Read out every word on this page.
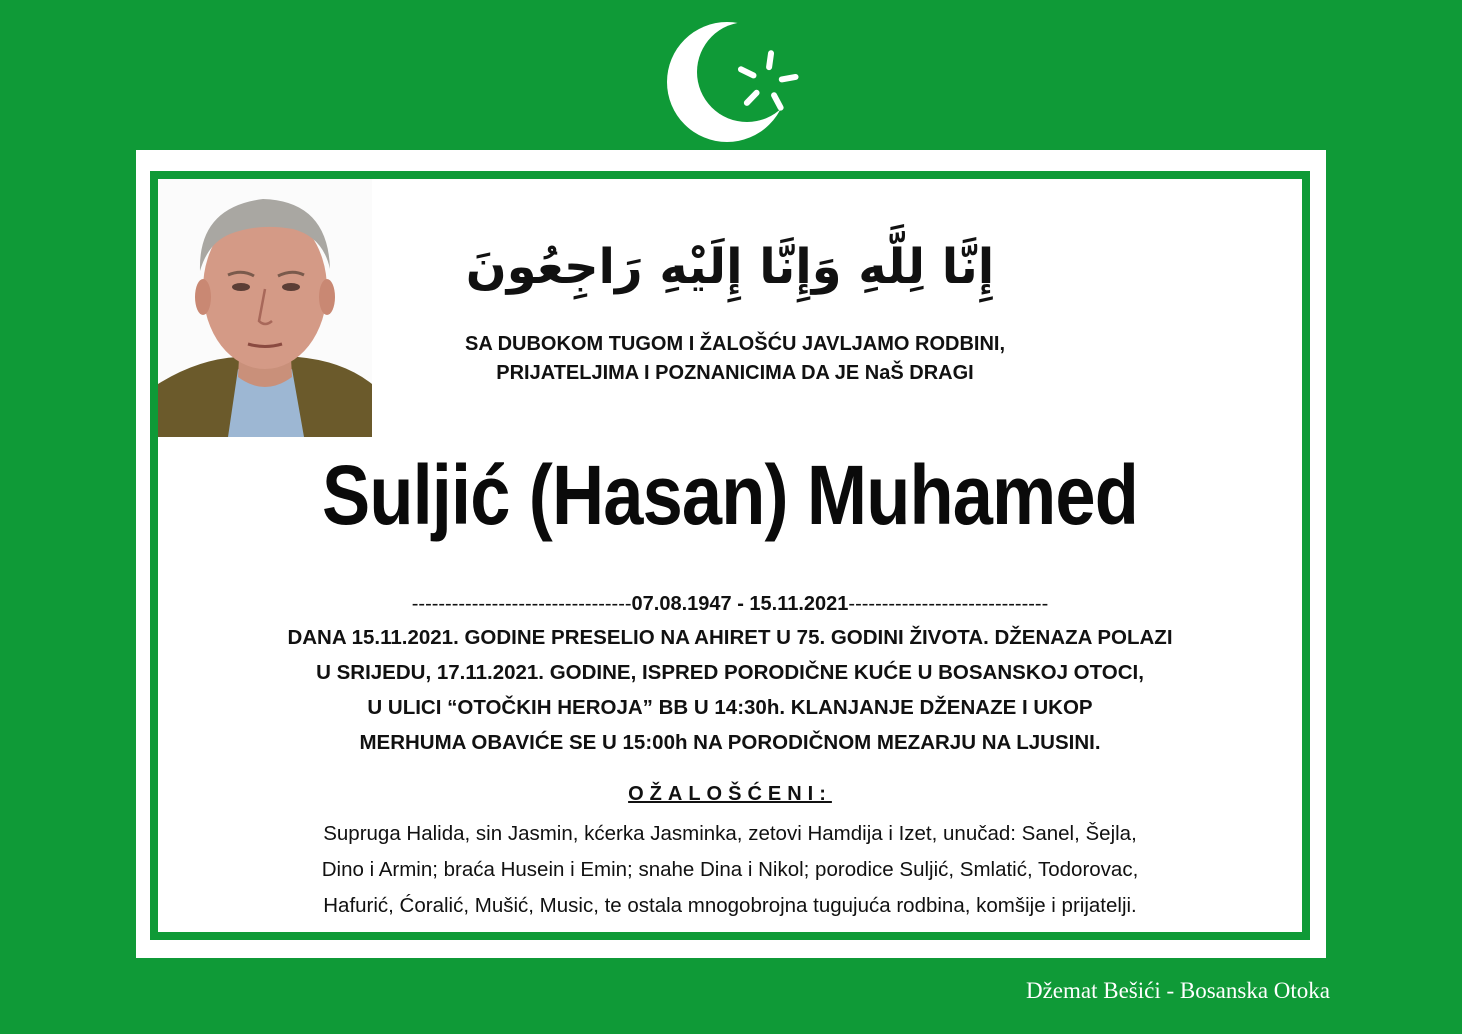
إِنَّا لِلَّهِ وَإِنَّا إِلَيْهِ رَاجِعُونَ
SA DUBOKOM TUGOM I ŽALOŠĆU JAVLJAMO RODBINI,
PRIJATELJIMA I POZNANICIMA DA JE NaŠ DRAGI
Suljić (Hasan) Muhamed
---------------------------------07.08.1947 - 15.11.2021------------------------------
DANA 15.11.2021. GODINE PRESELIO NA AHIRET U 75. GODINI ŽIVOTA. DŽENAZA POLAZI
U SRIJEDU, 17.11.2021. GODINE, ISPRED PORODIČNE KUĆE U BOSANSKOJ OTOCI,
U ULICI “OTOČKIH HEROJA” BB U 14:30h. KLANJANJE DŽENAZE I UKOP
MERHUMA OBAVIĆE SE U 15:00h NA PORODIČNOM MEZARJU NA LJUSINI.
OŽALOŠĆENI:
Supruga Halida, sin Jasmin, kćerka Jasminka, zetovi Hamdija i Izet, unučad: Sanel, Šejla,
Dino i Armin; braća Husein i Emin; snahe Dina i Nikol; porodice Suljić, Smlatić, Todorovac,
Hafurić, Ćoralić, Mušić, Music, te ostala mnogobrojna tugujuća rodbina, komšije i prijatelji.
Džemat Bešići - Bosanska Otoka
